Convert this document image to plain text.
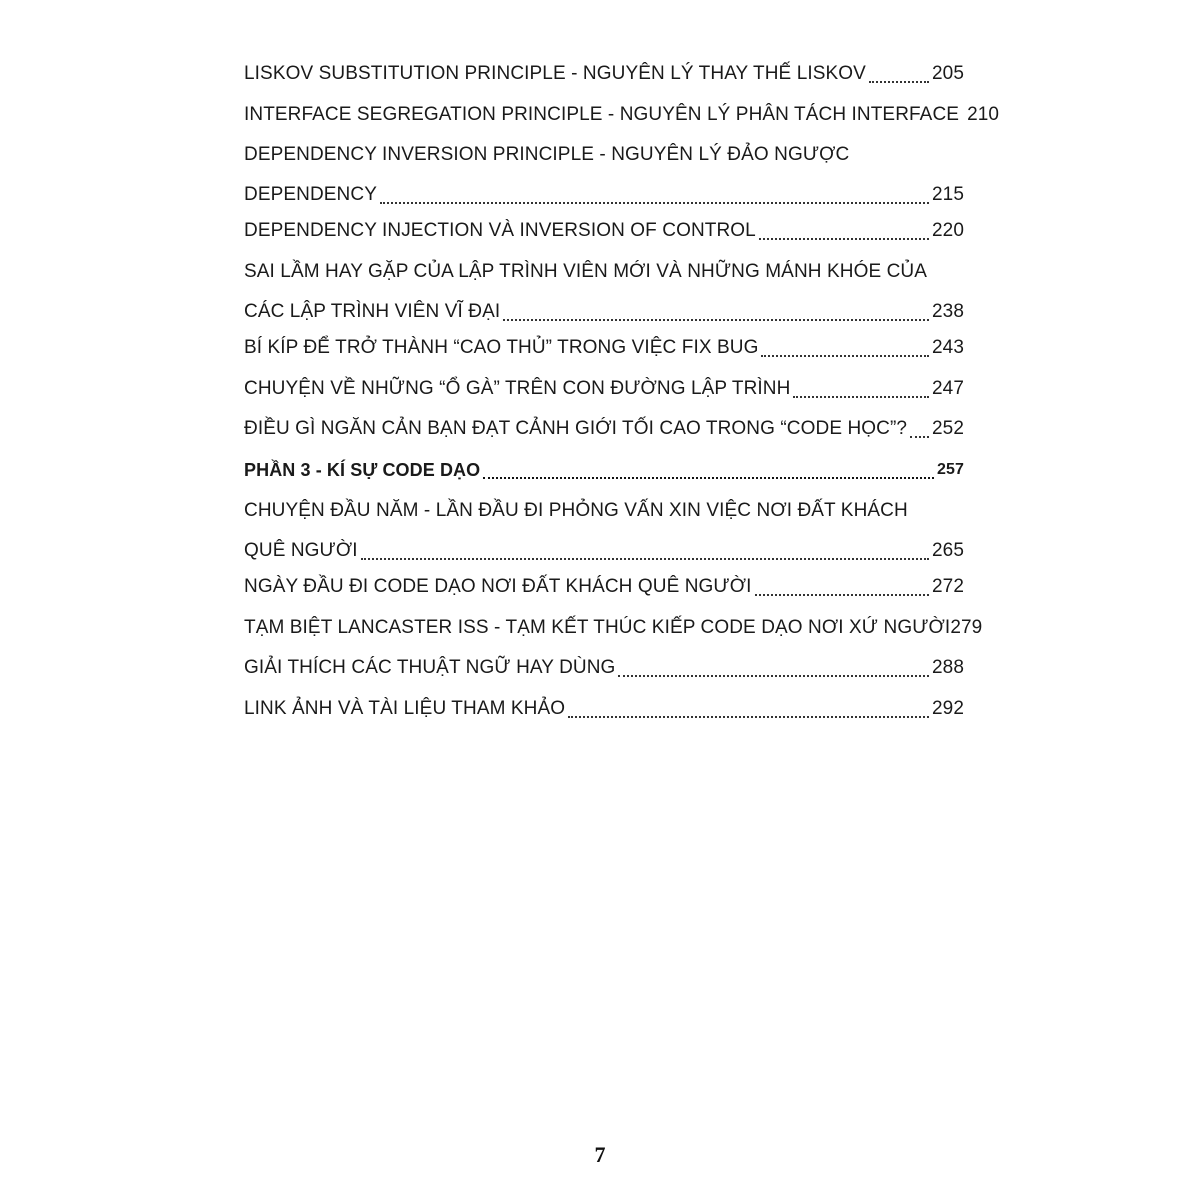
LISKOV SUBSTITUTION PRINCIPLE - NGUYÊN LÝ THAY THẾ LISKOV	205
INTERFACE SEGREGATION PRINCIPLE - NGUYÊN LÝ PHÂN TÁCH INTERFACE 210
DEPENDENCY INVERSION PRINCIPLE - NGUYÊN LÝ ĐẢO NGƯỢC
DEPENDENCY	215
DEPENDENCY INJECTION VÀ INVERSION OF CONTROL	220
SAI LẦM HAY GẶP CỦA LẬP TRÌNH VIÊN MỚI VÀ NHỮNG MÁNH KHÓE CỦA
CÁC LẬP TRÌNH VIÊN VĨ ĐẠI	238
BÍ KÍP ĐỂ TRỞ THÀNH “CAO THỦ” TRONG VIỆC FIX BUG	243
CHUYỆN VỀ NHỮNG “Ổ GÀ” TRÊN CON ĐƯỜNG LẬP TRÌNH	247
ĐIỀU GÌ NGĂN CẢN BẠN ĐẠT CẢNH GIỚI TỐI CAO TRONG “CODE HỌC”? 252
PHẦN 3 - KÍ SỰ CODE DẠO	257
CHUYỆN ĐẦU NĂM - LẦN ĐẦU ĐI PHỎNG VẤN XIN VIỆC NƠI ĐẤT KHÁCH
QUÊ NGƯỜI	265
NGÀY ĐẦU ĐI CODE DẠO NƠI ĐẤT KHÁCH QUÊ NGƯỜI	272
TẠM BIỆT LANCASTER ISS - TẠM KẾT THÚC KIẾP CODE DẠO NƠI XỨ NGƯỜI 279
GIẢI THÍCH CÁC THUẬT NGỮ HAY DÙNG	288
LINK ẢNH VÀ TÀI LIỆU THAM KHẢO	292
7
